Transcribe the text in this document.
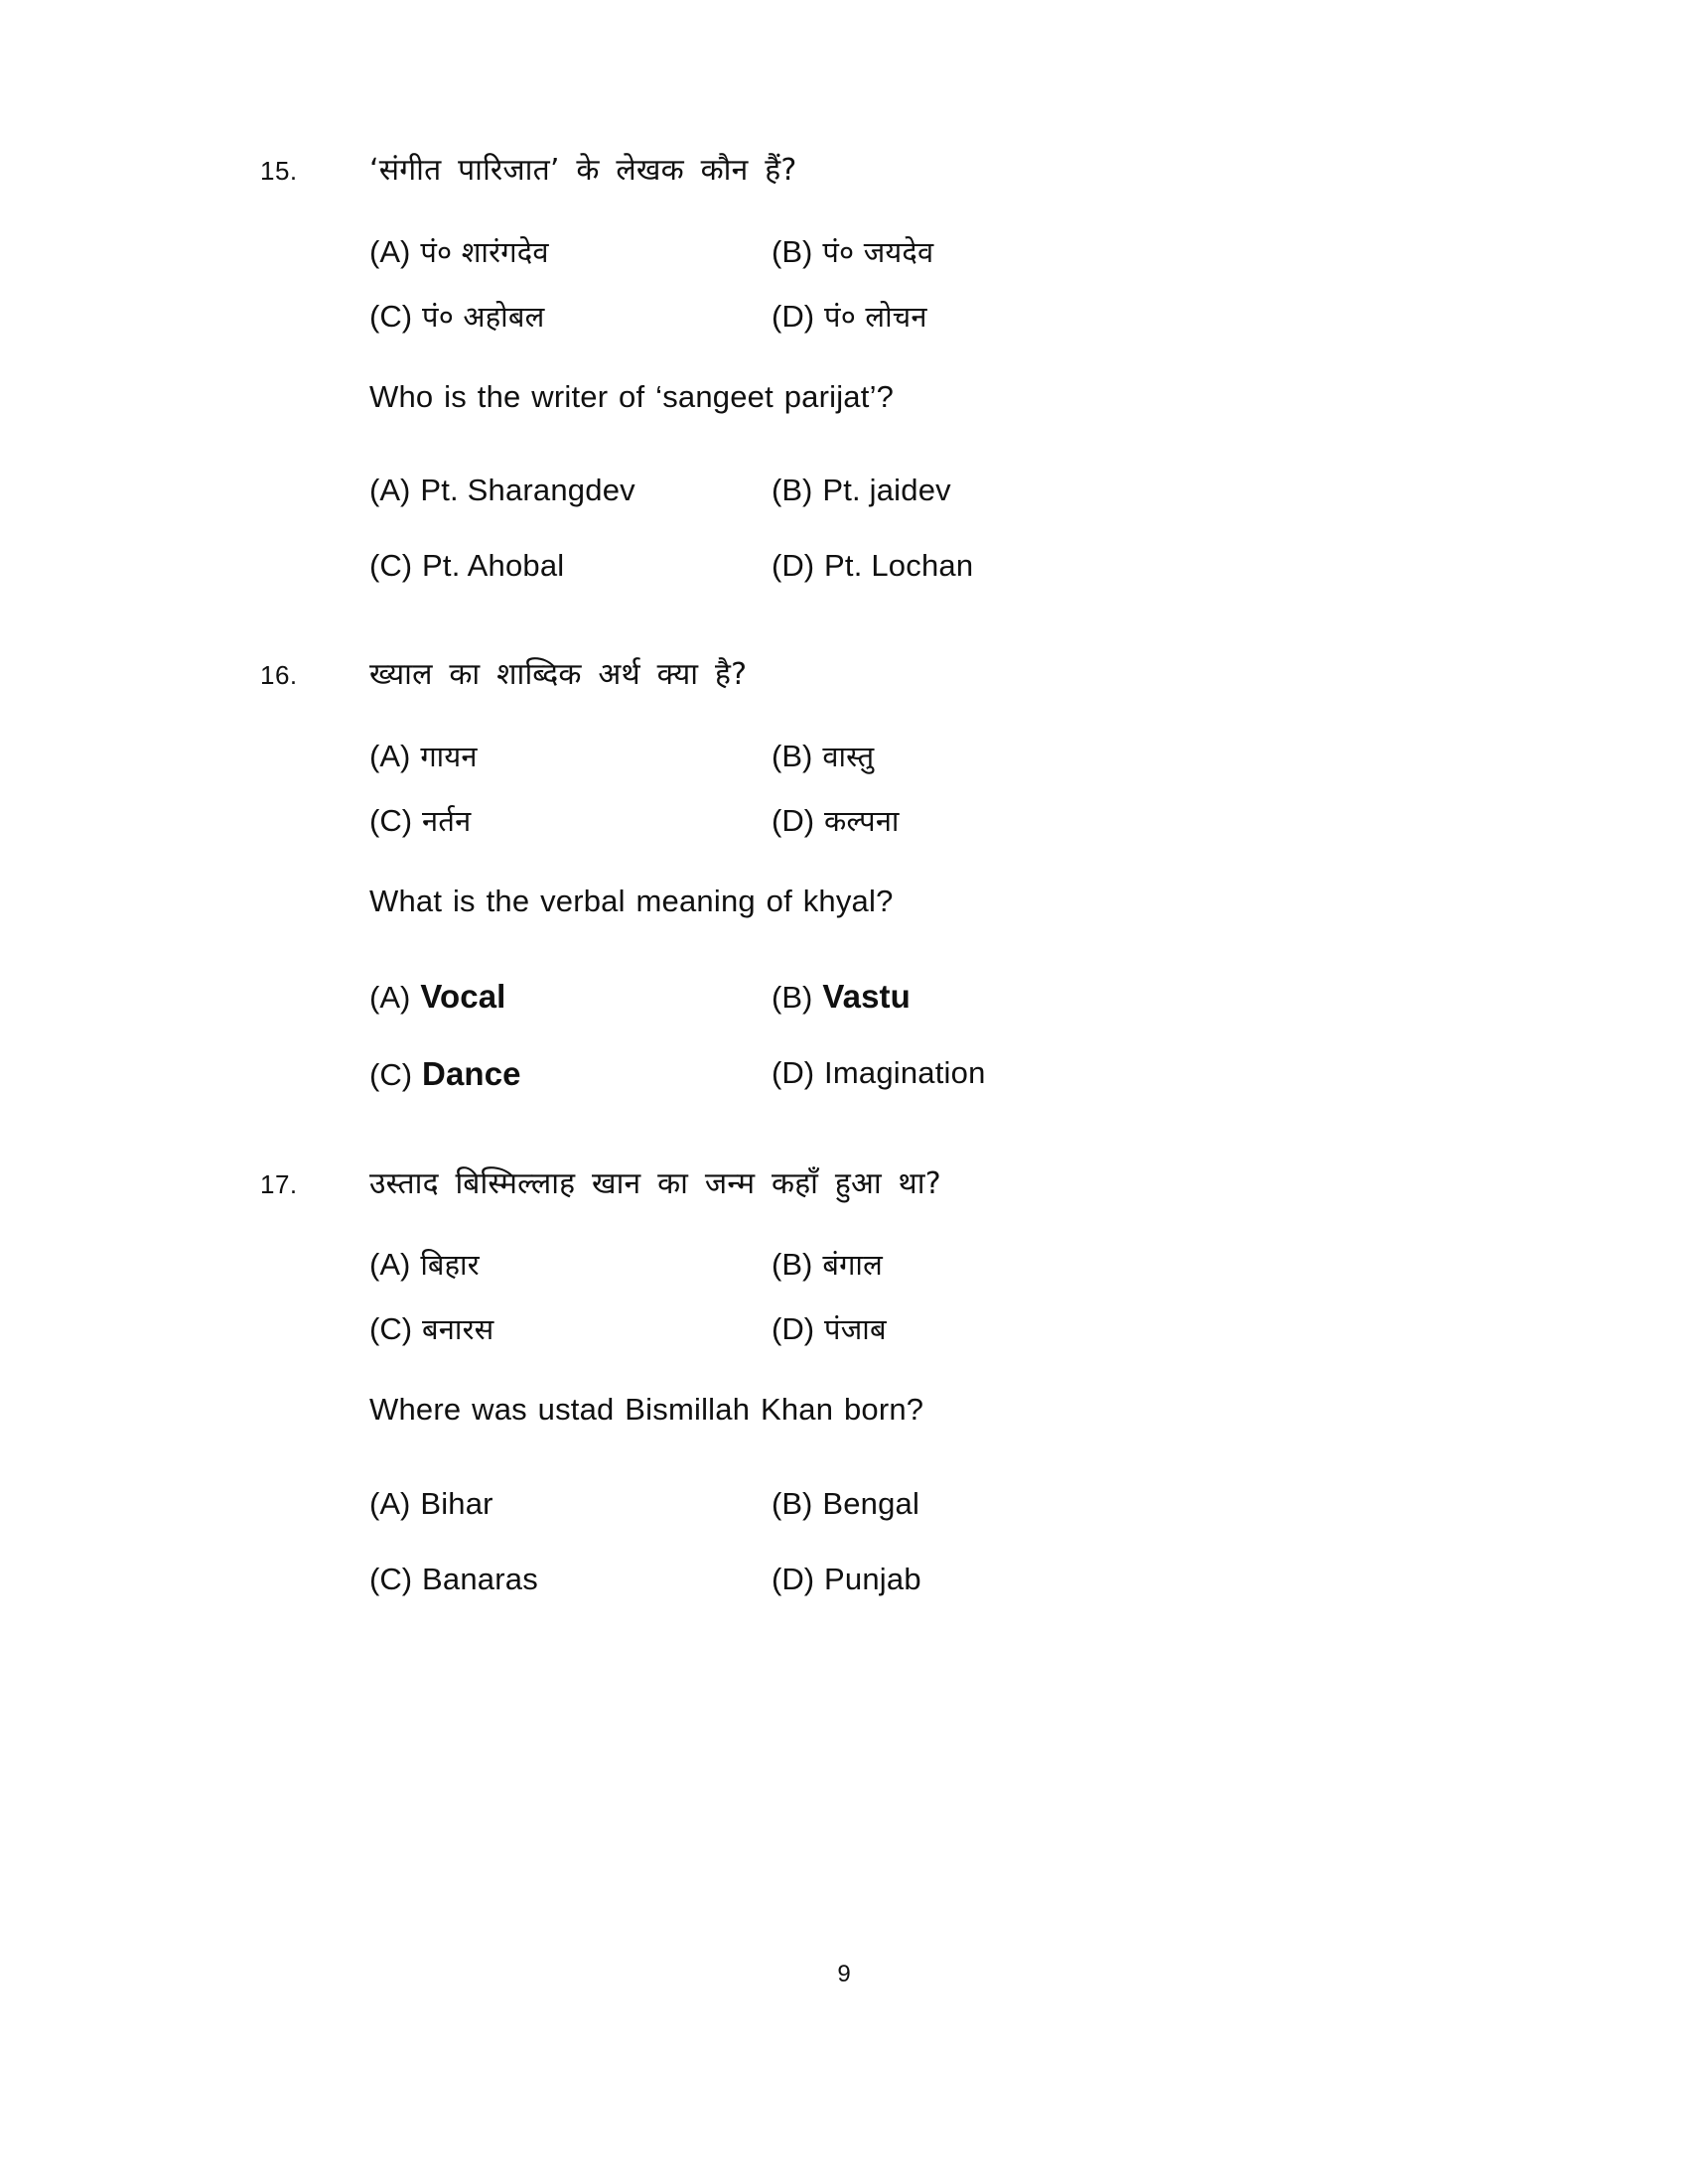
15.	‘संगीत पारिजात’ के लेखक कौन हैं?
(A) पं० शारंगदेव	(B) पं० जयदेव
(C) पं० अहोबल	(D) पं० लोचन
Who is the writer of ‘sangeet parijat’?
(A) Pt. Sharangdev	(B) Pt. jaidev
(C) Pt. Ahobal	(D) Pt. Lochan
16.	ख्याल का शाब्दिक अर्थ क्या है?
(A) गायन	(B) वास्तु
(C) नर्तन	(D) कल्पना
What is the verbal meaning of khyal?
(A) Vocal	(B) Vastu
(C) Dance	(D) Imagination
17.	उस्ताद बिस्मिल्लाह खान का जन्म कहाँ हुआ था?
(A) बिहार	(B) बंगाल
(C) बनारस	(D) पंजाब
Where was ustad Bismillah Khan born?
(A) Bihar	(B) Bengal
(C) Banaras	(D) Punjab
9
